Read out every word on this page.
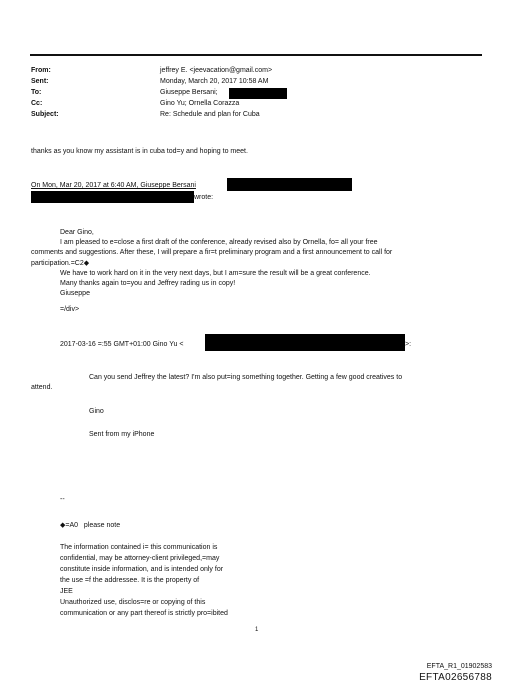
From:	jeffrey E. <jeevacation@gmail.com>
Sent:	Monday, March 20, 2017 10:58 AM
To:	Giuseppe Bersani;
Cc:	Gino Yu; Ornella Corazza
Subject:	Re: Schedule and plan for Cuba
thanks as you know my assistant is in cuba tod=y and hoping to meet.
On Mon, Mar 20, 2017 at 6:40 AM, Giuseppe Bersani
wrote:
Dear Gino,
I am pleased to e=close a first draft of the conference, already revised also by Ornella, fo= all your free
comments and suggestions. After these, I will prepare a fir=t preliminary program and a first announcement to call for
participation.=C2◆
We have to work hard on it in the very next days, but I am=sure the result will be a great conference.
Many thanks again to=you and Jeffrey rading us in copy!
Giuseppe
=/div>
2017-03-16 =:55 GMT+01:00 Gino Yu <	>:
Can you send Jeffrey the latest? I'm also put=ing something together. Getting a few good creatives to
attend.
Gino
Sent from my iPhone
--
◆=A0 please note
The information contained i= this communication is
confidential, may be attorney-client privileged,=may
constitute inside information, and is intended only for
the use =f the addressee. It is the property of
JEE
Unauthorized use, disclos=re or copying of this
communication or any part thereof is strictly pro=ibited
1
EFTA_R1_01902583
EFTA02656788
